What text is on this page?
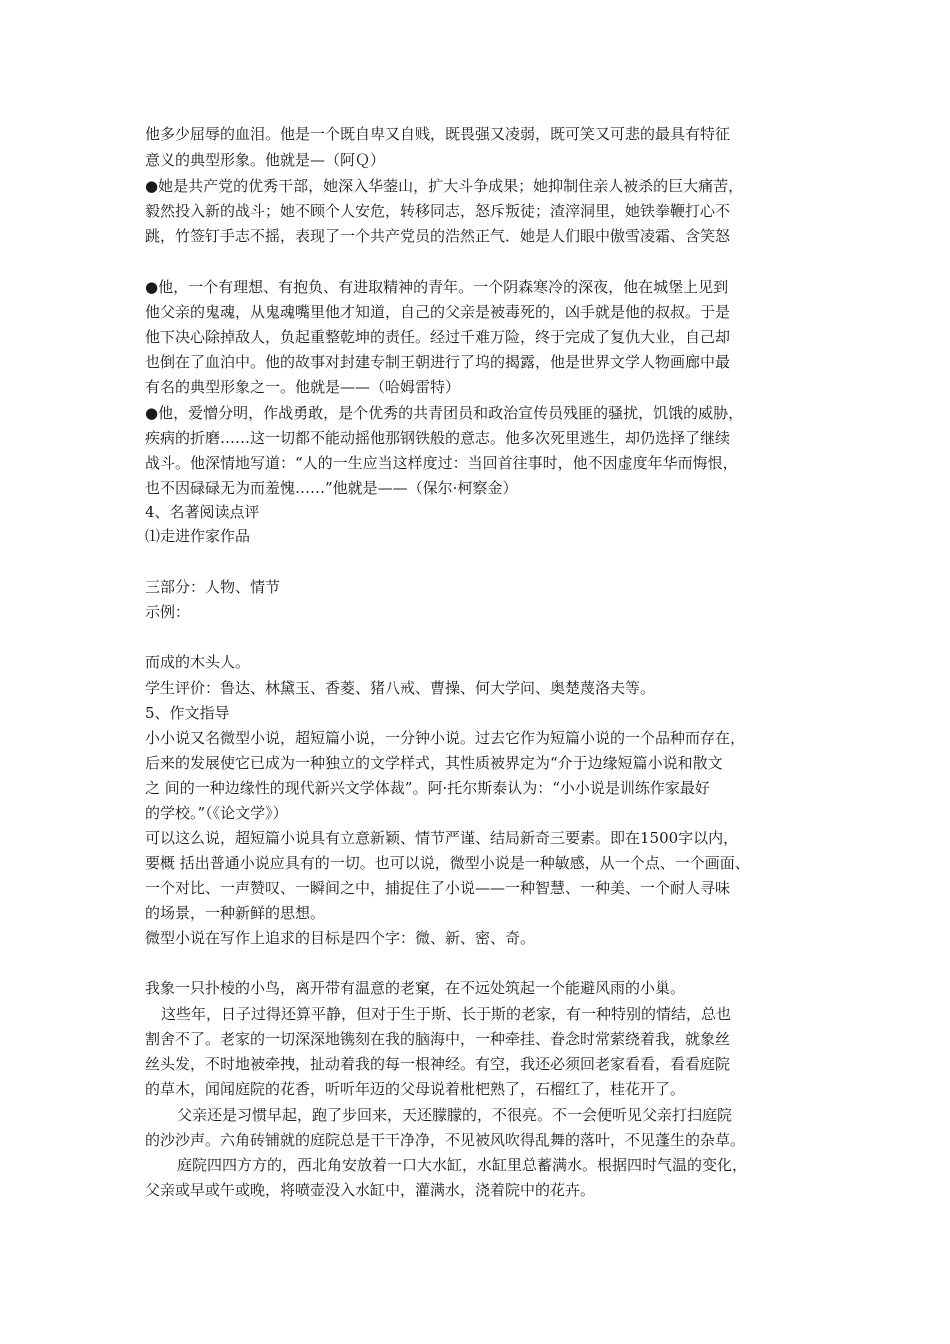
他多少屈辱的血泪。他是一个既自卑又自贱，既畏强又凌弱，既可笑又可悲的最具有特征
意义的典型形象。他就是—（阿Ｑ）
●她是共产党的优秀干部，她深入华蓥山，扩大斗争成果；她抑制住亲人被杀的巨大痛苦，
毅然投入新的战斗；她不顾个人安危，转移同志，怒斥叛徒；渣滓洞里，她铁拳鞭打心不
跳，竹签钉手志不摇，表现了一个共产党员的浩然正气．她是人们眼中傲雪凌霜、含笑怒
●他，一个有理想、有抱负、有进取精神的青年。一个阴森寒冷的深夜，他在城堡上见到
他父亲的鬼魂，从鬼魂嘴里他才知道，自己的父亲是被毒死的，凶手就是他的叔叔。于是
他下决心除掉敌人，负起重整乾坤的责任。经过千难万险，终于完成了复仇大业，自己却
也倒在了血泊中。他的故事对封建专制王朝进行了坞的揭露，他是世界文学人物画廊中最
有名的典型形象之一。他就是——（哈姆雷特）
●他，爱憎分明，作战勇敢，是个优秀的共青团员和政治宣传员残匪的骚扰，饥饿的威胁，
疾病的折磨……这一切都不能动摇他那钢铁般的意志。他多次死里逃生，却仍选择了继续
战斗。他深情地写道：“人的一生应当这样度过：当回首往事时，他不因虚度年华而悔恨，
也不因碌碌无为而羞愧……”他就是——（保尔·柯察金）
4、名著阅读点评
⑴走进作家作品
三部分：人物、情节
示例：
而成的木头人。
学生评价：鲁达、林黛玉、香菱、猪八戒、曹操、何大学问、奥楚蔑洛夫等。
5、作文指导
小小说又名微型小说，超短篇小说，一分钟小说。过去它作为短篇小说的一个品种而存在，
后来的发展使它已成为一种独立的文学样式，其性质被界定为“介于边缘短篇小说和散文
之 间的一种边缘性的现代新兴文学体裁”。阿·托尔斯泰认为：“小小说是训练作家最好
的学校。”（《论文学》）
可以这么说，超短篇小说具有立意新颖、情节严谨、结局新奇三要素。即在1500字以内，
要概 括出普通小说应具有的一切。也可以说，微型小说是一种敏感，从一个点、一个画面、
一个对比、一声赞叹、一瞬间之中，捕捉住了小说——一种智慧、一种美、一个耐人寻味
的场景，一种新鲜的思想。
微型小说在写作上追求的目标是四个字：微、新、密、奇。
我象一只扑棱的小鸟，离开带有温意的老窠，在不远处筑起一个能避风雨的小巢。
这些年，日子过得还算平静，但对于生于斯、长于斯的老家，有一种特别的情结，总也
割舍不了。老家的一切深深地镌刻在我的脑海中，一种牵挂、眷念时常萦绕着我，就象丝
丝头发，不时地被牵拽，扯动着我的每一根神经。有空，我还必须回老家看看，看看庭院
的草木，闻闻庭院的花香，听听年迈的父母说着枇杷熟了，石榴红了，桂花开了。
父亲还是习惯早起，跑了步回来，天还朦朦的，不很亮。不一会便听见父亲打扫庭院
的沙沙声。六角砖铺就的庭院总是干干净净，不见被风吹得乱舞的落叶，不见蓬生的杂草。
庭院四四方方的，西北角安放着一口大水缸，水缸里总蓄满水。根据四时气温的变化，
父亲或早或午或晚，将喷壶没入水缸中，灌满水，浇着院中的花卉。
